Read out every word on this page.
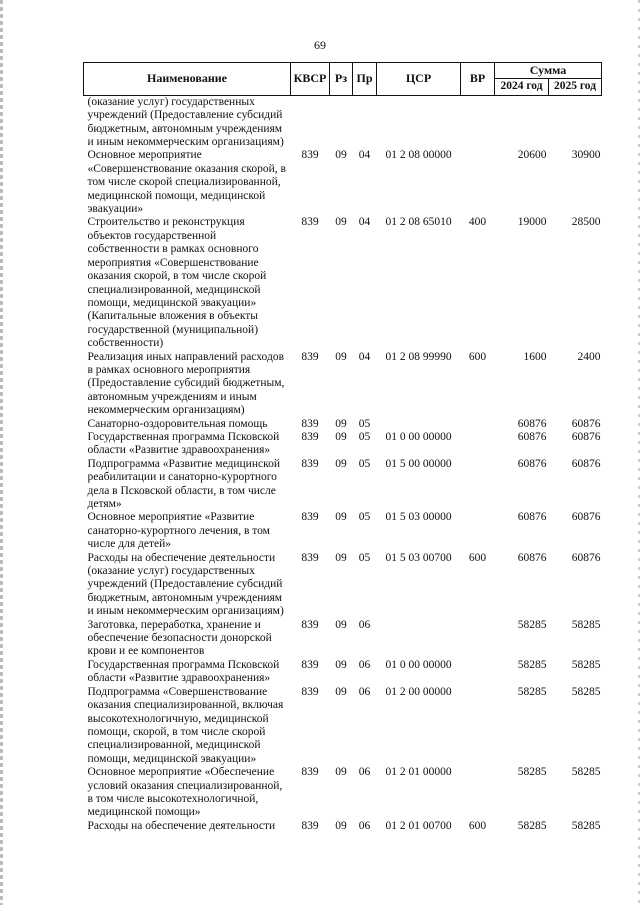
69
Наименование	КВСР	Рз	Пр	ЦСР	ВР	Сумма	
						2024 год	2025 год
(оказание услуг) государственных учреждений (Предоставление субсидий бюджетным, автономным учреждениям и иным некоммерческим организациям)							
Основное мероприятие «Совершенствование оказания скорой, в том числе скорой специализированной, медицинской помощи, медицинской эвакуации»	839	09	04	01 2 08 00000		20600	30900
Строительство и реконструкция объектов государственной собственности в рамках основного мероприятия «Совершенствование оказания скорой, в том числе скорой специализированной, медицинской помощи, медицинской эвакуации» (Капитальные вложения в объекты государственной (муниципальной) собственности)	839	09	04	01 2 08 65010	400	19000	28500
Реализация иных направлений расходов в рамках основного мероприятия (Предоставление субсидий бюджетным, автономным учреждениям и иным некоммерческим организациям)	839	09	04	01 2 08 99990	600	1600	2400
Санаторно-оздоровительная помощь	839	09	05			60876	60876
Государственная программа Псковской области «Развитие здравоохранения»	839	09	05	01 0 00 00000		60876	60876
Подпрограмма «Развитие медицинской реабилитации и санаторно-курортного дела в Псковской области, в том числе детям»	839	09	05	01 5 00 00000		60876	60876
Основное мероприятие «Развитие санаторно-курортного лечения, в том числе для детей»	839	09	05	01 5 03 00000		60876	60876
Расходы на обеспечение деятельности (оказание услуг) государственных учреждений (Предоставление субсидий бюджетным, автономным учреждениям и иным некоммерческим организациям)	839	09	05	01 5 03 00700	600	60876	60876
Заготовка, переработка, хранение и обеспечение безопасности донорской крови и ее компонентов	839	09	06			58285	58285
Государственная программа Псковской области «Развитие здравоохранения»	839	09	06	01 0 00 00000		58285	58285
Подпрограмма «Совершенствование оказания специализированной, включая высокотехнологичную, медицинской помощи, скорой, в том числе скорой специализированной, медицинской помощи, медицинской эвакуации»	839	09	06	01 2 00 00000		58285	58285
Основное мероприятие «Обеспечение условий оказания специализированной, в том числе высокотехнологичной, медицинской помощи»	839	09	06	01 2 01 00000		58285	58285
Расходы на обеспечение деятельности	839	09	06	01 2 01 00700	600	58285	58285
